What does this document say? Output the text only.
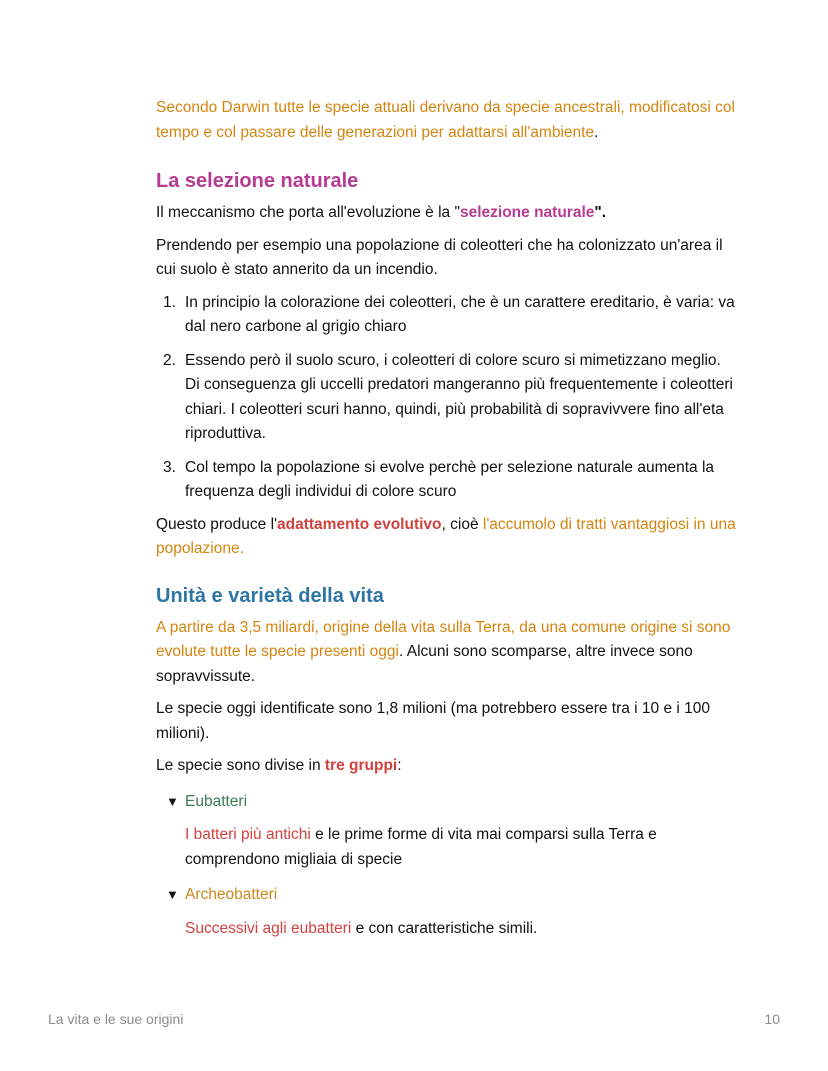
Secondo Darwin tutte le specie attuali derivano da specie ancestrali, modificatosi col tempo e col passare delle generazioni per adattarsi all'ambiente.

La selezione naturale

Il meccanismo che porta all'evoluzione è la "selezione naturale".

Prendendo per esempio una popolazione di coleotteri che ha colonizzato un'area il cui suolo è stato annerito da un incendio.

1. In principio la colorazione dei coleotteri, che è un carattere ereditario, è varia: va dal nero carbone al grigio chiaro
2. Essendo però il suolo scuro, i coleotteri di colore scuro si mimetizzano meglio. Di conseguenza gli uccelli predatori mangeranno più frequentemente i coleotteri chiari. I coleotteri scuri hanno, quindi, più probabilità di sopravivvere fino all'eta riproduttiva.
3. Col tempo la popolazione si evolve perchè per selezione naturale aumenta la frequenza degli individui di colore scuro

Questo produce l'adattamento evolutivo, cioè l'accumolo di tratti vantaggiosi in una popolazione.

Unità e varietà della vita

A partire da 3,5 miliardi, origine della vita sulla Terra, da una comune origine si sono evolute tutte le specie presenti oggi. Alcuni sono scomparse, altre invece sono sopravvissute.

Le specie oggi identificate sono 1,8 milioni (ma potrebbero essere tra i 10 e i 100 milioni).

Le specie sono divise in tre gruppi:

▼ Eubatteri

I batteri più antichi e le prime forme di vita mai comparsi sulla Terra e comprendono migliaia di specie

▼ Archeobatteri

Successivi agli eubatteri e con caratteristiche simili.

La vita e le sue origini	10
